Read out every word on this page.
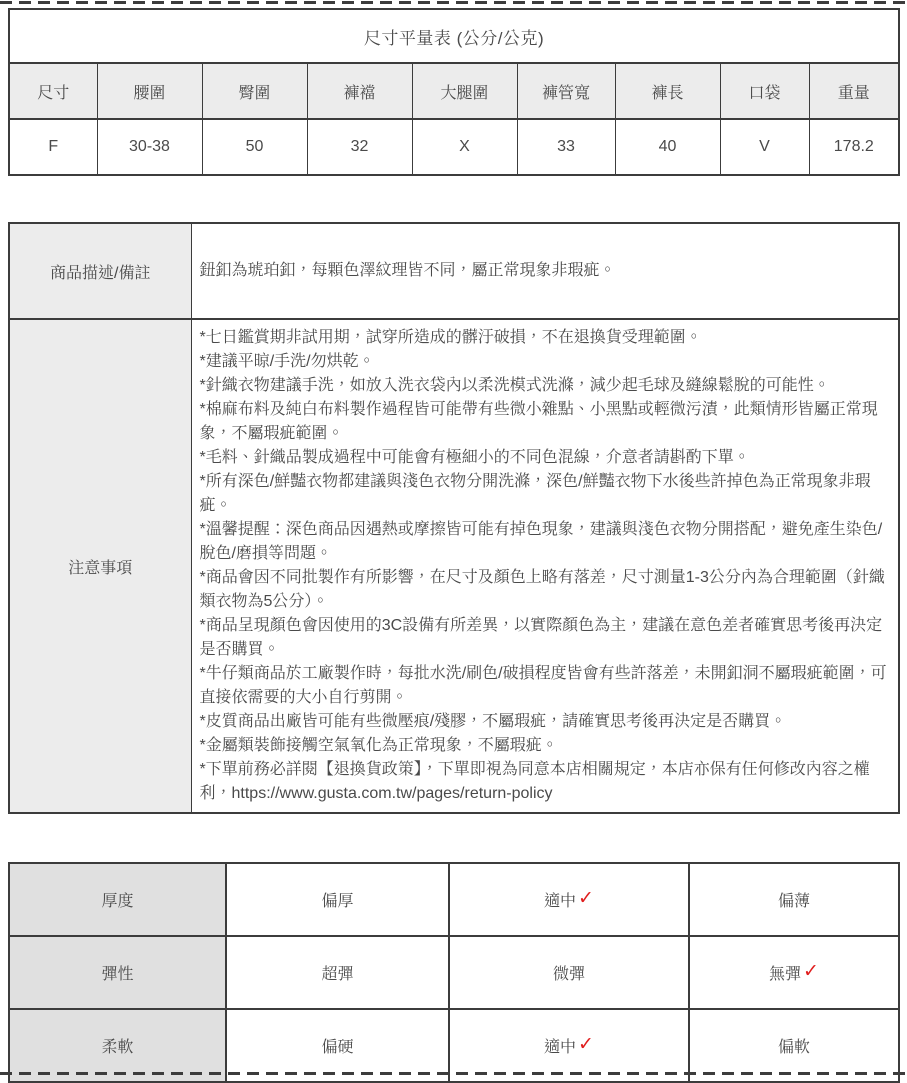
尺寸平量表 (公分/公克)								
尺寸	腰圍	臀圍	褲襠	大腿圍	褲管寬	褲長	口袋	重量
F	30-38	50	32	X	33	40	V	178.2
商品描述/備註	鈕釦為琥珀釦，每顆色澤紋理皆不同，屬正常現象非瑕疵。

注意事項	
*七日鑑賞期非試用期，試穿所造成的髒汙破損，不在退換貨受理範圍。
*建議平晾/手洗/勿烘乾。
*針織衣物建議手洗，如放入洗衣袋內以柔洗模式洗滌，減少起毛球及縫線鬆脫的可能性。
*棉麻布料及純白布料製作過程皆可能帶有些微小雜點、小黑點或輕微污漬，此類情形皆屬正常現象，不屬瑕疵範圍。
*毛料、針織品製成過程中可能會有極細小的不同色混線，介意者請斟酌下單。
*所有深色/鮮豔衣物都建議與淺色衣物分開洗滌，深色/鮮豔衣物下水後些許掉色為正常現象非瑕疵。
*溫馨提醒：深色商品因遇熱或摩擦皆可能有掉色現象，建議與淺色衣物分開搭配，避免產生染色/脫色/磨損等問題。
*商品會因不同批製作有所影響，在尺寸及顏色上略有落差，尺寸測量1-3公分內為合理範圍（針織類衣物為5公分）。
*商品呈現顏色會因使用的3C設備有所差異，以實際顏色為主，建議在意色差者確實思考後再決定是否購買。
*牛仔類商品於工廠製作時，每批水洗/刷色/破損程度皆會有些許落差，未開釦洞不屬瑕疵範圍，可直接依需要的大小自行剪開。
*皮質商品出廠皆可能有些微壓痕/殘膠，不屬瑕疵，請確實思考後再決定是否購買。
*金屬類裝飾接觸空氣氧化為正常現象，不屬瑕疵。
*下單前務必詳閱【退換貨政策】，下單即視為同意本店相關規定，本店亦保有任何修改內容之權利，https://www.gusta.com.tw/pages/return-policy
厚度	偏厚	適中 ✓	偏薄
彈性	超彈	微彈	無彈 ✓
柔軟	偏硬	適中 ✓	偏軟
